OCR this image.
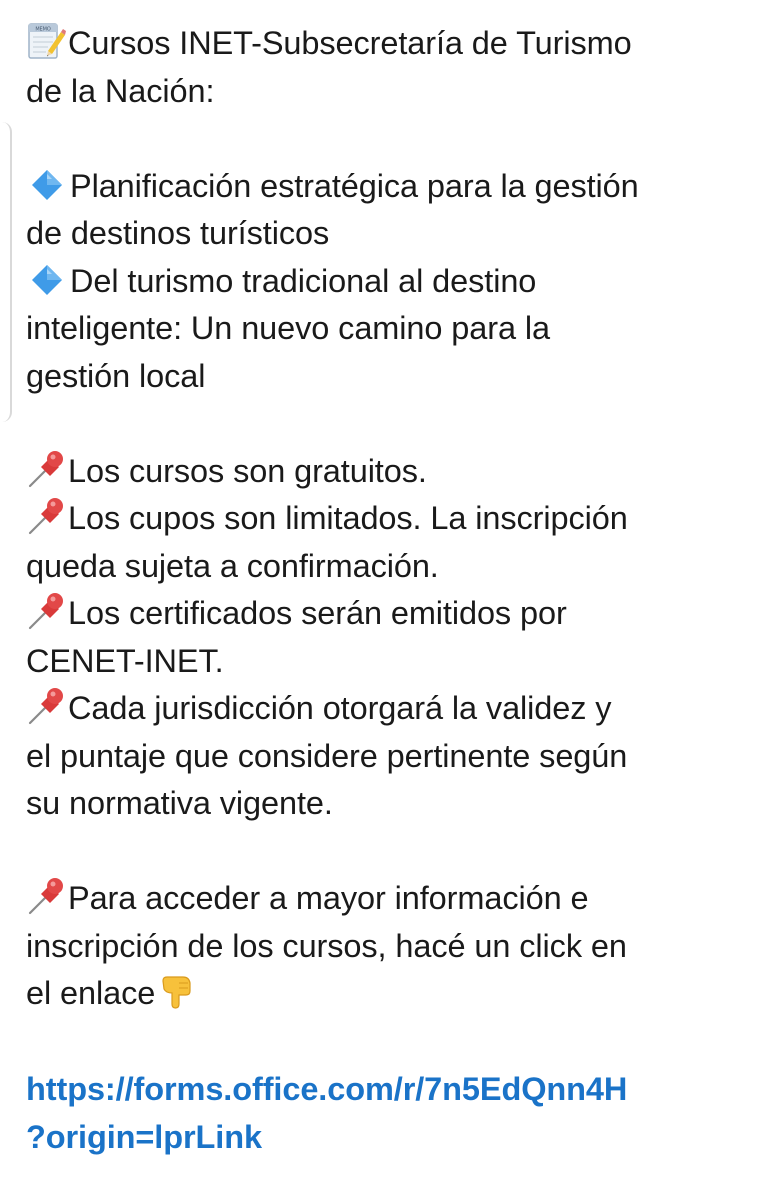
MEMO Cursos INET-Subsecretaría de Turismo
de la Nación:
Planificación estratégica para la gestión
de destinos turísticos
Del turismo tradicional al destino
inteligente: Un nuevo camino para la
gestión local
Los cursos son gratuitos.
Los cupos son limitados. La inscripción
queda sujeta a confirmación.
Los certificados serán emitidos por
CENET-INET.
Cada jurisdicción otorgará la validez y
el puntaje que considere pertinente según
su normativa vigente.
Para acceder a mayor información e
inscripción de los cursos, hacé un click en
el enlace
https://forms.office.com/r/7n5EdQnn4H
?origin=lprLink
